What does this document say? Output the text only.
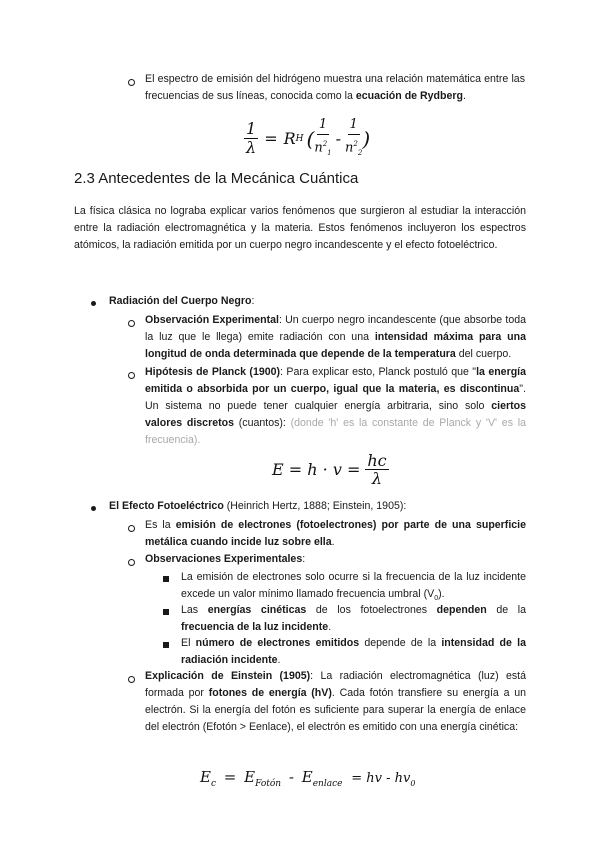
El espectro de emisión del hidrógeno muestra una relación matemática entre las frecuencias de sus líneas, conocida como la ecuación de Rydberg.
$\frac{1}{\lambda} = R$ H ( $\frac{1}{n^2_1} - \frac{1}{n^2_2}$ )
2.3 Antecedentes de la Mecánica Cuántica
La física clásica no lograba explicar varios fenómenos que surgieron al estudiar la interacción entre la radiación electromagnética y la materia. Estos fenómenos incluyeron los espectros atómicos, la radiación emitida por un cuerpo negro incandescente y el efecto fotoeléctrico.
Radiación del Cuerpo Negro:
Observación Experimental: Un cuerpo negro incandescente (que absorbe toda la luz que le llega) emite radiación con una intensidad máxima para una longitud de onda determinada que depende de la temperatura del cuerpo.
Hipótesis de Planck (1900): Para explicar esto, Planck postuló que "la energía emitida o absorbida por un cuerpo, igual que la materia, es discontinua". Un sistema no puede tener cualquier energía arbitraria, sino solo ciertos valores discretos (cuantos): (donde 'h' es la constante de Planck y 'V' es la frecuencia).
$E = h \cdot v = \frac{hc}{\lambda}$
El Efecto Fotoeléctrico (Heinrich Hertz, 1888; Einstein, 1905):
Es la emisión de electrones (fotoelectrones) por parte de una superficie metálica cuando incide luz sobre ella.
Observaciones Experimentales:
La emisión de electrones solo ocurre si la frecuencia de la luz incidente excede un valor mínimo llamado frecuencia umbral $(V_0)$.
Las energías cinéticas de los fotoelectrones dependen de la frecuencia de la luz incidente.
El número de electrones emitidos depende de la intensidad de la radiación incidente.
Explicación de Einstein (1905): La radiación electromagnética (luz) está formada por fotones de energía (hV). Cada fotón transfiere su energía a un electrón. Si la energía del fotón es suficiente para superar la energía de enlace del electrón (Efotón > Eenlace), el electrón es emitido con una energía cinética:
$E_c = E_{Fotón} - E_{enlace}$ = hv - $hv_0$
